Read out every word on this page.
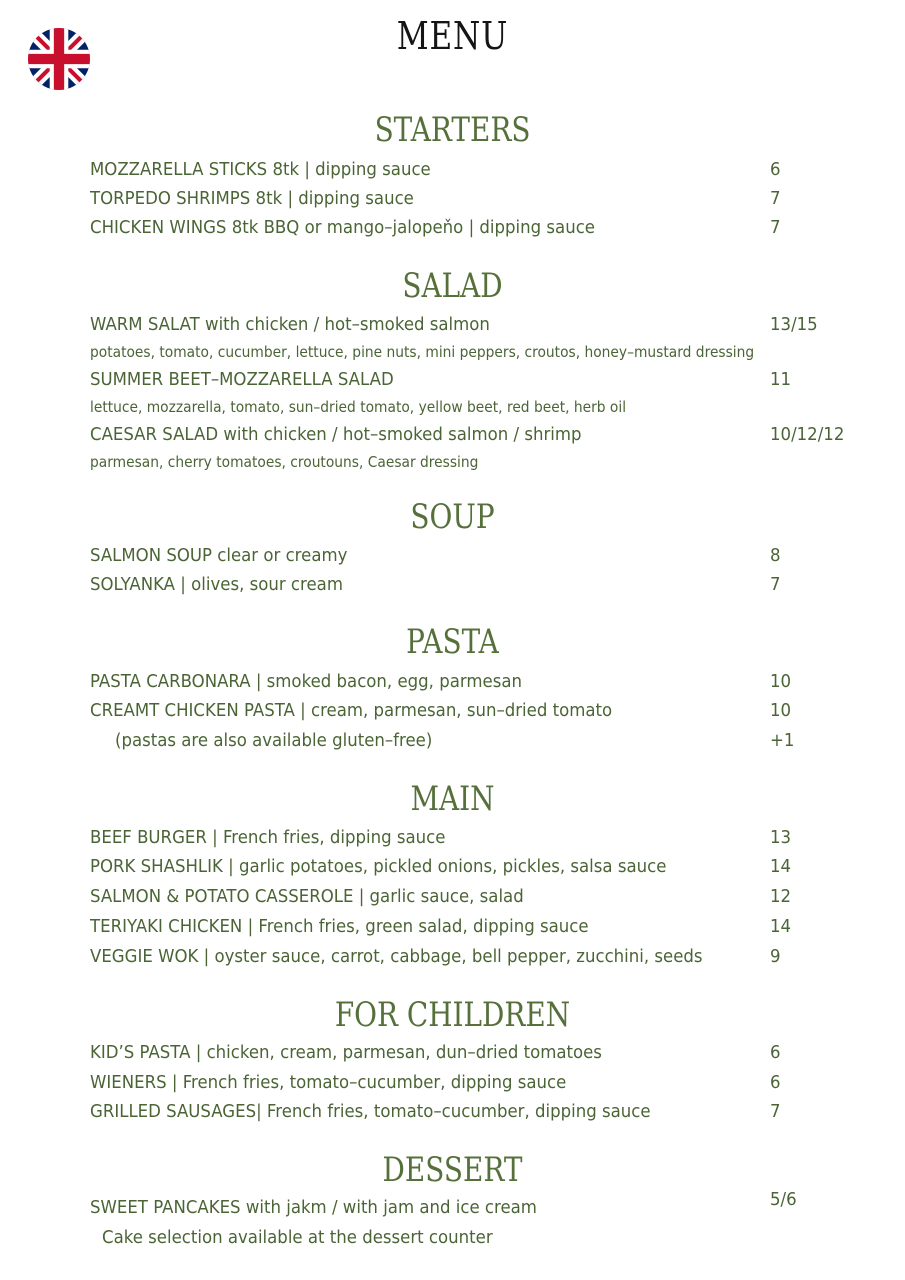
MENU
STARTERS
MOZZARELLA STICKS 8tk | dipping sauce	6
TORPEDO SHRIMPS 8tk | dipping sauce	7
CHICKEN WINGS 8tk BBQ or mango–jalopeňo | dipping sauce	7
SALAD
WARM SALAT with chicken / hot–smoked salmon	13/15
potatoes, tomato, cucumber, lettuce, pine nuts, mini peppers, croutos, honey–mustard dressing
SUMMER BEET–MOZZARELLA SALAD	11
lettuce, mozzarella, tomato, sun–dried tomato, yellow beet, red beet, herb oil
CAESAR SALAD with chicken / hot–smoked salmon / shrimp	10/12/12
parmesan, cherry tomatoes, croutouns, Caesar dressing
SOUP
SALMON SOUP clear or creamy	8
SOLYANKA | olives, sour cream	7
PASTA
PASTA CARBONARA | smoked bacon, egg, parmesan	10
CREAMT CHICKEN PASTA | cream, parmesan, sun–dried tomato	10
(pastas are also available gluten–free)	+1
MAIN
BEEF BURGER | French fries, dipping sauce	13
PORK SHASHLIK | garlic potatoes, pickled onions, pickles, salsa sauce	14
SALMON & POTATO CASSEROLE | garlic sauce, salad	12
TERIYAKI CHICKEN | French fries, green salad, dipping sauce	14
VEGGIE WOK | oyster sauce, carrot, cabbage, bell pepper, zucchini, seeds	9
FOR CHILDREN
KID’S PASTA | chicken, cream, parmesan, dun–dried tomatoes	6
WIENERS | French fries, tomato–cucumber, dipping sauce	6
GRILLED SAUSAGES| French fries, tomato–cucumber, dipping sauce	7
DESSERT
SWEET PANCAKES with jakm / with jam and ice cream	5/6
Cake selection available at the dessert counter
